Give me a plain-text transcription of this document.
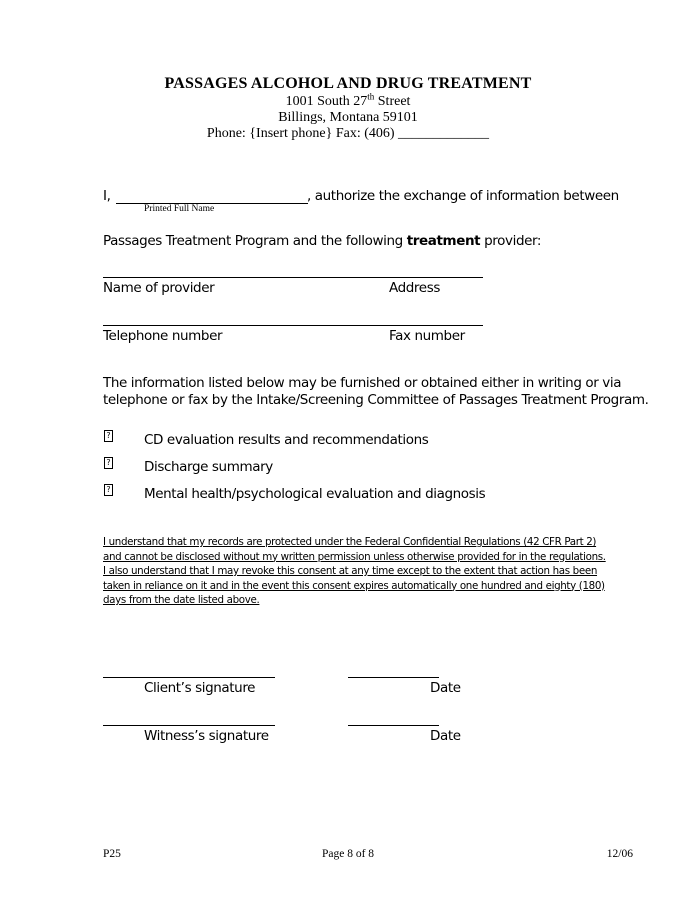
PASSAGES ALCOHOL AND DRUG TREATMENT
1001 South 27th Street
Billings, Montana 59101
Phone: {Insert phone} Fax: (406) _____________
I,	, authorize the exchange of information between
Printed Full Name
Passages Treatment Program and the following treatment provider:
Name of provider	Address
Telephone number	Fax number
The information listed below may be furnished or obtained either in writing or via
telephone or fax by the Intake/Screening Committee of Passages Treatment Program.
? CD evaluation results and recommendations
? Discharge summary
? Mental health/psychological evaluation and diagnosis
I understand that my records are protected under the Federal Confidential Regulations (42 CFR Part 2)
and cannot be disclosed without my written permission unless otherwise provided for in the regulations.
I also understand that I may revoke this consent at any time except to the extent that action has been
taken in reliance on it and in the event this consent expires automatically one hundred and eighty (180)
days from the date listed above.
Client’s signature	Date
Witness’s signature	Date
P25	Page 8 of 8	12/06
